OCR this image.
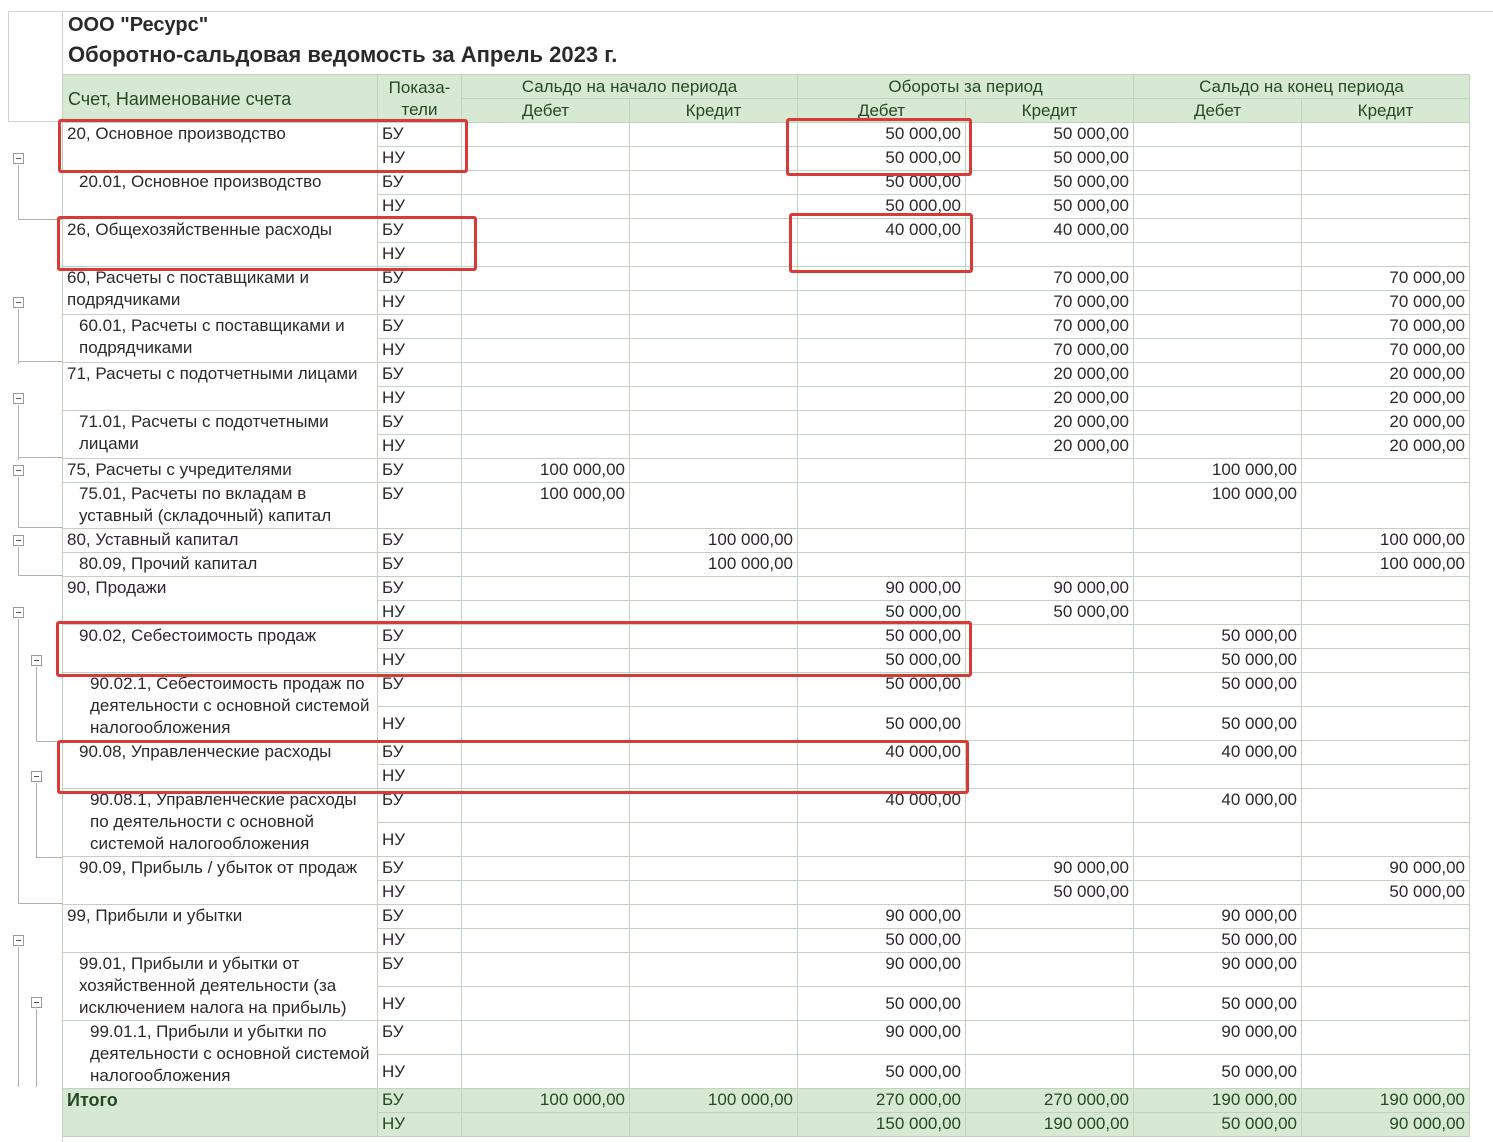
ООО "Ресурс"
Оборотно-сальдовая ведомость за Апрель 2023 г.
Счет, Наименование счета	Показа-
тели	Сальдо на начало периода		Обороты за период		Сальдо на конец периода	
		Дебет	Кредит	Дебет	Кредит	Дебет	Кредит
20, Основное производство	БУ			50 000,00	50 000,00		
	НУ			50 000,00	50 000,00		
20.01, Основное производство	БУ			50 000,00	50 000,00		
	НУ			50 000,00	50 000,00		
26, Общехозяйственные расходы	БУ			40 000,00	40 000,00		
	НУ						
60, Расчеты с поставщиками и подрядчиками	БУ				70 000,00		70 000,00
	НУ				70 000,00		70 000,00
60.01, Расчеты с поставщиками и подрядчиками	БУ				70 000,00		70 000,00
	НУ				70 000,00		70 000,00
71, Расчеты с подотчетными лицами	БУ				20 000,00		20 000,00
	НУ				20 000,00		20 000,00
71.01, Расчеты с подотчетными лицами	БУ				20 000,00		20 000,00
	НУ				20 000,00		20 000,00
75, Расчеты с учредителями	БУ	100 000,00				100 000,00	
75.01, Расчеты по вкладам в уставный (складочный) капитал	БУ	100 000,00				100 000,00	
80, Уставный капитал	БУ		100 000,00				100 000,00
80.09, Прочий капитал	БУ		100 000,00				100 000,00
90, Продажи	БУ			90 000,00	90 000,00		
	НУ			50 000,00	50 000,00		
90.02, Себестоимость продаж	БУ			50 000,00		50 000,00	
	НУ			50 000,00		50 000,00	
90.02.1, Себестоимость продаж по деятельности с основной системой налогообложения	БУ			50 000,00		50 000,00	
	НУ			50 000,00		50 000,00	
90.08, Управленческие расходы	БУ			40 000,00		40 000,00	
	НУ						
90.08.1, Управленческие расходы по деятельности с основной системой налогообложения	БУ			40 000,00		40 000,00	
	НУ						
90.09, Прибыль / убыток от продаж	БУ				90 000,00		90 000,00
	НУ				50 000,00		50 000,00
99, Прибыли и убытки	БУ			90 000,00		90 000,00	
	НУ			50 000,00		50 000,00	
99.01, Прибыли и убытки от хозяйственной деятельности (за исключением налога на прибыль)	БУ			90 000,00		90 000,00	
	НУ			50 000,00		50 000,00	
99.01.1, Прибыли и убытки по деятельности с основной системой налогообложения	БУ			90 000,00		90 000,00	
	НУ			50 000,00		50 000,00	
Итого	БУ	100 000,00	100 000,00	270 000,00	270 000,00	190 000,00	190 000,00
	НУ			150 000,00	190 000,00	50 000,00	90 000,00
